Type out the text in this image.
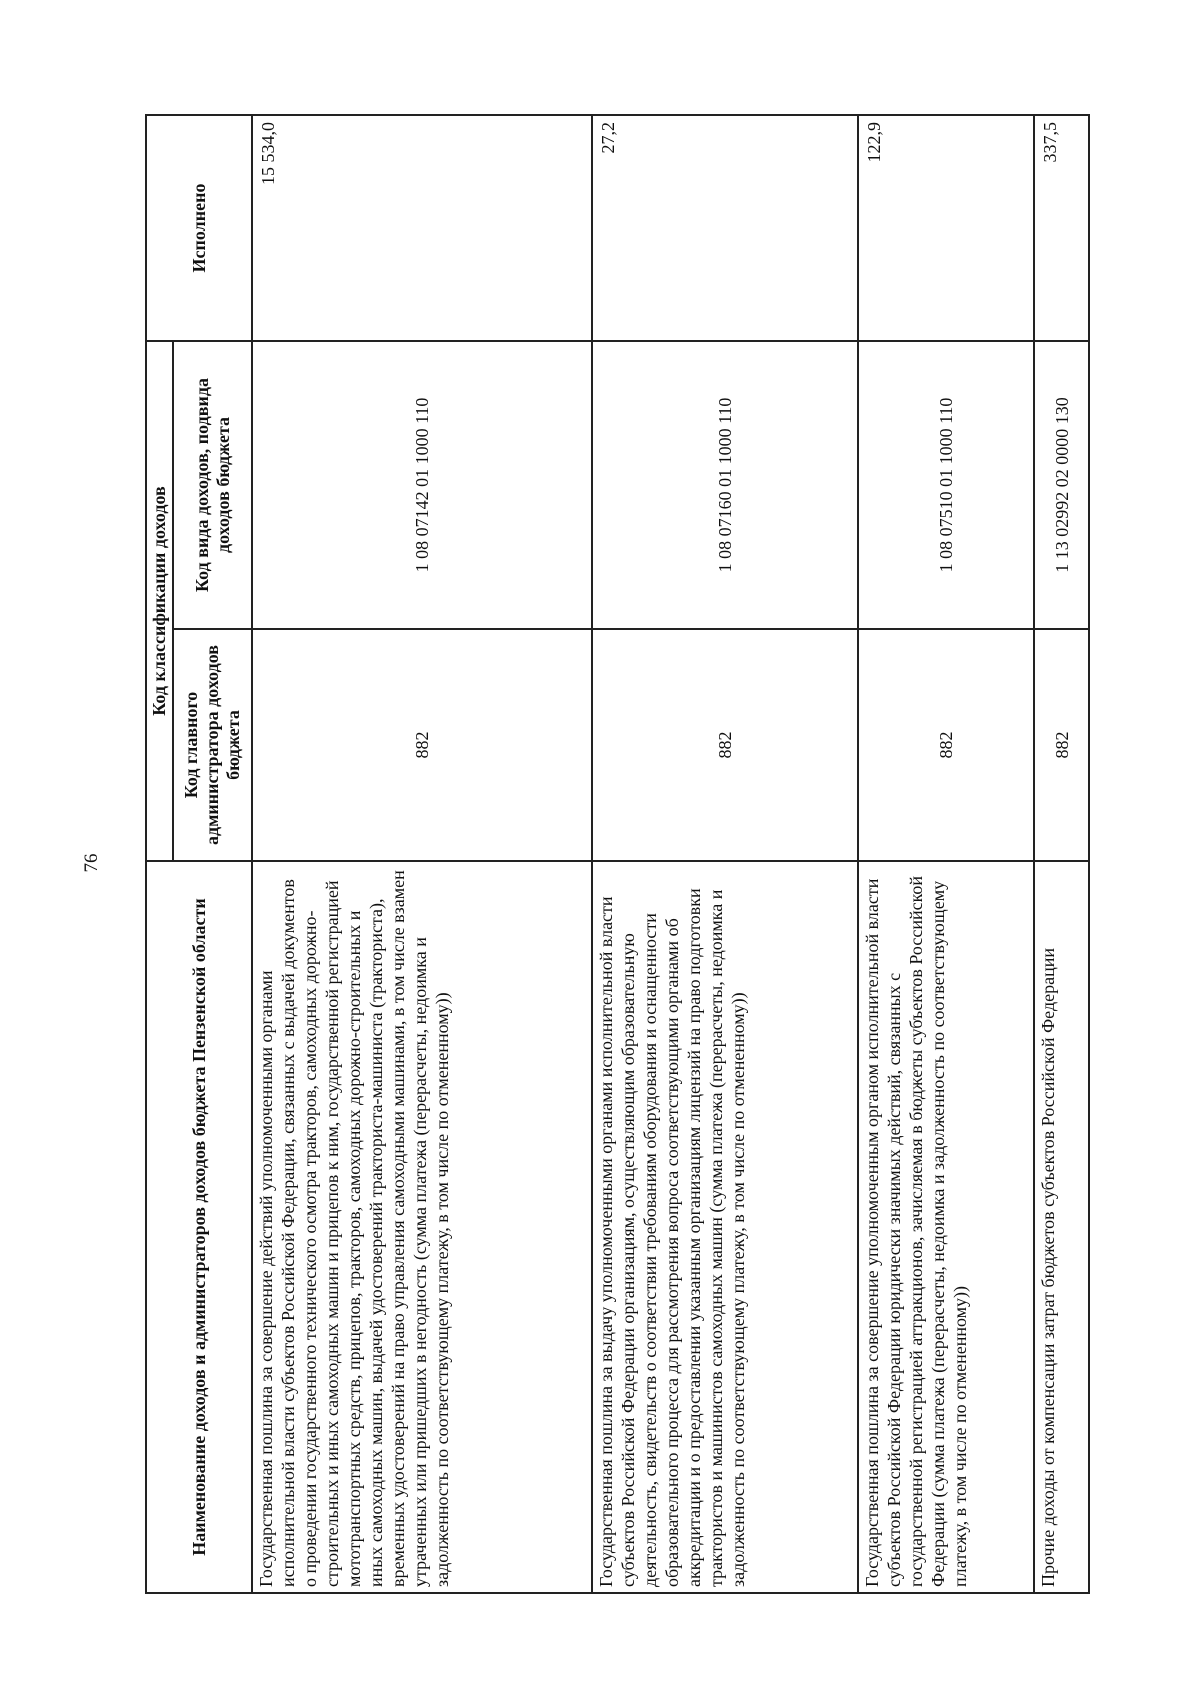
76
Наименование доходов и администраторов доходов бюджета Пензенской области	Код классификации доходов		Исполнено
	Код главного администратора доходов бюджета	Код вида доходов, подвида доходов бюджета	
Государственная пошлина за совершение действий уполномоченными органами исполнительной власти субъектов Российской Федерации, связанных с выдачей документов о проведении государственного технического осмотра тракторов, самоходных дорожно-строительных и иных самоходных машин и прицепов к ним, государственной регистрацией мототранспортных средств, прицепов, тракторов, самоходных дорожно-строительных и иных самоходных машин, выдачей удостоверений тракториста-машиниста (тракториста), временных удостоверений на право управления самоходными машинами, в том числе взамен утраченных или пришедших в негодность (сумма платежа (перерасчеты, недоимка и задолженность по соответствующему платежу, в том числе по отмененному))	882	1 08 07142 01 1000 110	15 534,0
Государственная пошлина за выдачу уполномоченными органами исполнительной власти субъектов Российской Федерации организациям, осуществляющим образовательную деятельность, свидетельств о соответствии требованиям оборудования и оснащенности образовательного процесса для рассмотрения вопроса соответствующими органами об аккредитации и о предоставлении указанным организациям лицензий на право подготовки трактористов и машинистов самоходных машин (сумма платежа (перерасчеты, недоимка и задолженность по соответствующему платежу, в том числе по отмененному))	882	1 08 07160 01 1000 110	27,2
Государственная пошлина за совершение уполномоченным органом исполнительной власти субъектов Российской Федерации юридически значимых действий, связанных с государственной регистрацией аттракционов, зачисляемая в бюджеты субъектов Российской Федерации (сумма платежа (перерасчеты, недоимка и задолженность по соответствующему платежу, в том числе по отмененному))	882	1 08 07510 01 1000 110	122,9
Прочие доходы от компенсации затрат бюджетов субъектов Российской Федерации	882	1 13 02992 02 0000 130	337,5
